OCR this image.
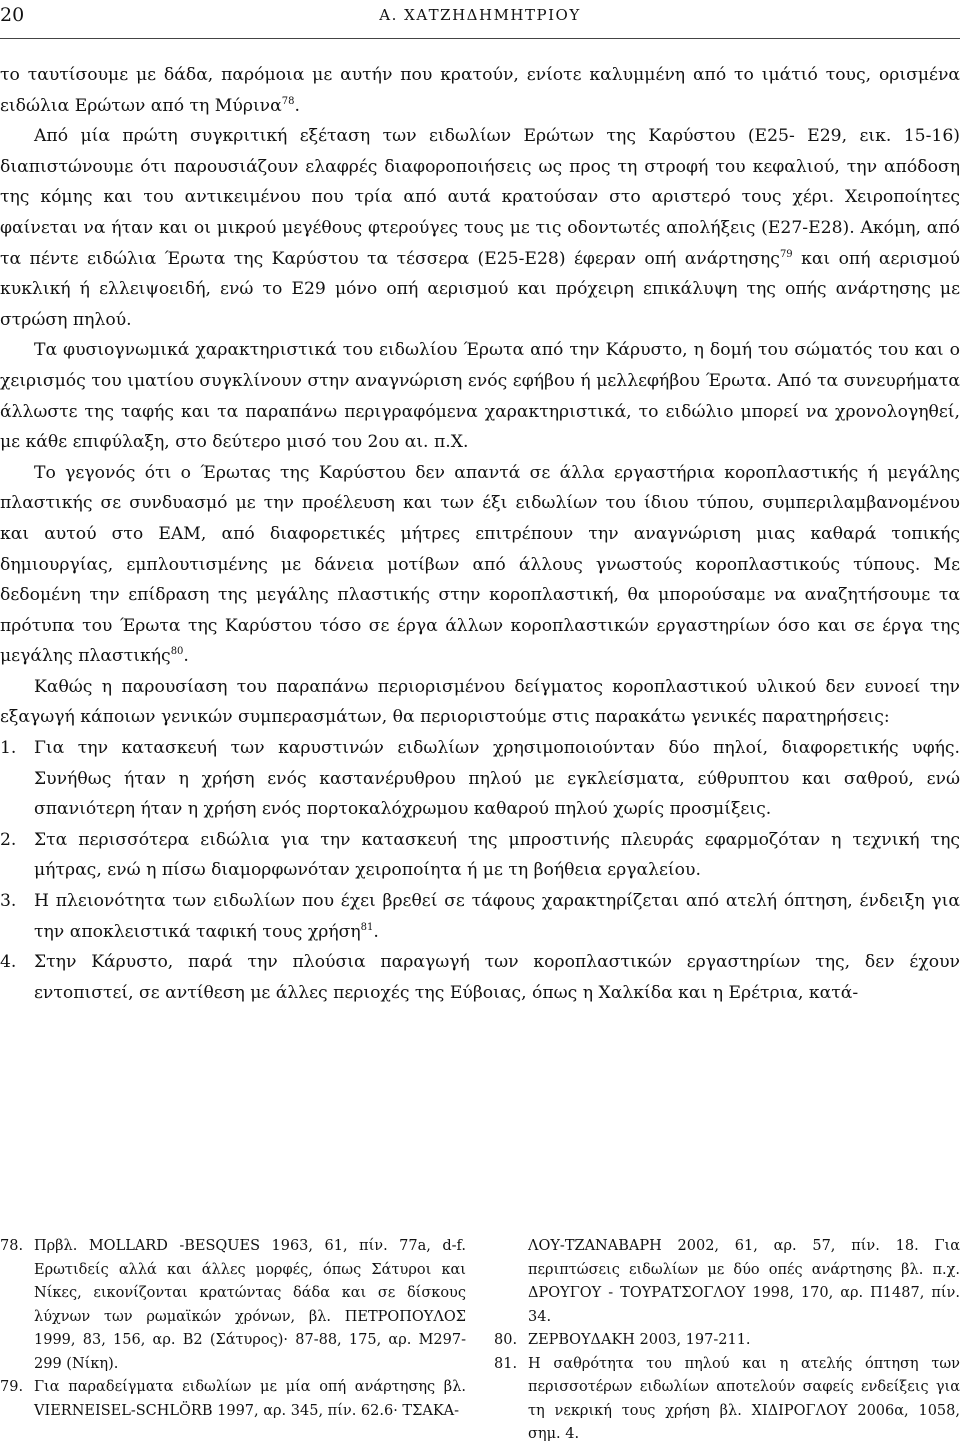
20	Α. ΧΑΤΖΗΔΗΜΗΤΡΙΟΥ

το ταυτίσουμε με δάδα, παρόμοια με αυτήν που κρατούν, ενίοτε καλυμμένη από το ιμάτιό τους, ορισμένα ειδώλια Ερώτων από τη Μύρινα$^{78}$.

Από μία πρώτη συγκριτική εξέταση των ειδωλίων Ερώτων της Καρύστου (Ε25- Ε29, εικ. 15-16) διαπιστώνουμε ότι παρουσιάζουν ελαφρές διαφοροποιήσεις ως προς τη στροφή του κεφαλιού, την απόδοση της κόμης και του αντικειμένου που τρία από αυτά κρατούσαν στο αριστερό τους χέρι. Χειροποίητες φαίνεται να ήταν και οι μικρού μεγέθους φτερούγες τους με τις οδοντωτές απολήξεις (Ε27-Ε28). Ακόμη, από τα πέντε ειδώλια Έρωτα της Καρύστου τα τέσσερα (Ε25-Ε28) έφεραν οπή ανάρτησης$^{79}$ και οπή αερισμού κυκλική ή ελλειψοειδή, ενώ το Ε29 μόνο οπή αερισμού και πρόχειρη επικάλυψη της οπής ανάρτησης με στρώση πηλού.

Τα φυσιογνωμικά χαρακτηριστικά του ειδωλίου Έρωτα από την Κάρυστο, η δομή του σώματός του και ο χειρισμός του ιματίου συγκλίνουν στην αναγνώριση ενός εφήβου ή μελλεφήβου Έρωτα. Από τα συνευρήματα άλλωστε της ταφής και τα παραπάνω περιγραφόμενα χαρακτηριστικά, το ειδώλιο μπορεί να χρονολογηθεί, με κάθε επιφύλαξη, στο δεύτερο μισό του 2ου αι. π.Χ.

Το γεγονός ότι ο Έρωτας της Καρύστου δεν απαντά σε άλλα εργαστήρια κοροπλαστικής ή μεγάλης πλαστικής σε συνδυασμό με την προέλευση και των έξι ειδωλίων του ίδιου τύπου, συμπεριλαμβανομένου και αυτού στο ΕΑΜ, από διαφορετικές μήτρες επιτρέπουν την αναγνώριση μιας καθαρά τοπικής δημιουργίας, εμπλουτισμένης με δάνεια μοτίβων από άλλους γνωστούς κοροπλαστικούς τύπους. Με δεδομένη την επίδραση της μεγάλης πλαστικής στην κοροπλαστική, θα μπορούσαμε να αναζητήσουμε τα πρότυπα του Έρωτα της Καρύστου τόσο σε έργα άλλων κοροπλαστικών εργαστηρίων όσο και σε έργα της μεγάλης πλαστικής$^{80}$.

Καθώς η παρουσίαση του παραπάνω περιορισμένου δείγματος κοροπλαστικού υλικού δεν ευνοεί την εξαγωγή κάποιων γενικών συμπερασμάτων, θα περιοριστούμε στις παρακάτω γενικές παρατηρήσεις:

1. Για την κατασκευή των καρυστινών ειδωλίων χρησιμοποιούνταν δύο πηλοί, διαφορετικής υφής. Συνήθως ήταν η χρήση ενός καστανέρυθρου πηλού με εγκλείσματα, εύθρυπτου και σαθρού, ενώ σπανιότερη ήταν η χρήση ενός πορτοκαλόχρωμου καθαρού πηλού χωρίς προσμίξεις.
2. Στα περισσότερα ειδώλια για την κατασκευή της μπροστινής πλευράς εφαρμοζόταν η τεχνική της μήτρας, ενώ η πίσω διαμορφωνόταν χειροποίητα ή με τη βοήθεια εργαλείου.
3. Η πλειονότητα των ειδωλίων που έχει βρεθεί σε τάφους χαρακτηρίζεται από ατελή όπτηση, ένδειξη για την αποκλειστικά ταφική τους χρήση$^{81}$.
4. Στην Κάρυστο, παρά την πλούσια παραγωγή των κοροπλαστικών εργαστηρίων της, δεν έχουν εντοπιστεί, σε αντίθεση με άλλες περιοχές της Εύβοιας, όπως η Χαλκίδα και η Ερέτρια, κατά-

78. Πρβλ. MOLLARD -BESQUES 1963, 61, πίν. 77a, d-f. Ερωτιδείς αλλά και άλλες μορφές, όπως Σάτυροι και Νίκες, εικονίζονται κρατώντας δάδα και σε δίσκους λύχνων των ρωμαϊκών χρόνων, βλ. ΠΕΤΡΟΠΟΥΛΟΣ 1999, 83, 156, αρ. Β2 (Σάτυρος)· 87-88, 175, αρ. Μ297-299 (Νίκη).

79. Για παραδείγματα ειδωλίων με μία οπή ανάρτησης βλ. VIERNEISEL-SCHLÖRB 1997, αρ. 345, πίν. 62.6· ΤΣΑΚΑ-

ΛΟΥ-ΤΖΑΝΑΒΑΡΗ 2002, 61, αρ. 57, πίν. 18. Για περιπτώσεις ειδωλίων με δύο οπές ανάρτησης βλ. π.χ. ΔΡΟΥΓΟΥ - ΤΟΥΡΑΤΣΟΓΛΟΥ 1998, 170, αρ. Π1487, πίν. 34.

80. ΖΕΡΒΟΥΔΑΚΗ 2003, 197-211.

81. Η σαθρότητα του πηλού και η ατελής όπτηση των περισσοτέρων ειδωλίων αποτελούν σαφείς ενδείξεις για τη νεκρική τους χρήση βλ. ΧΙΔΙΡΟΓΛΟΥ 2006α, 1058, σημ. 4.
